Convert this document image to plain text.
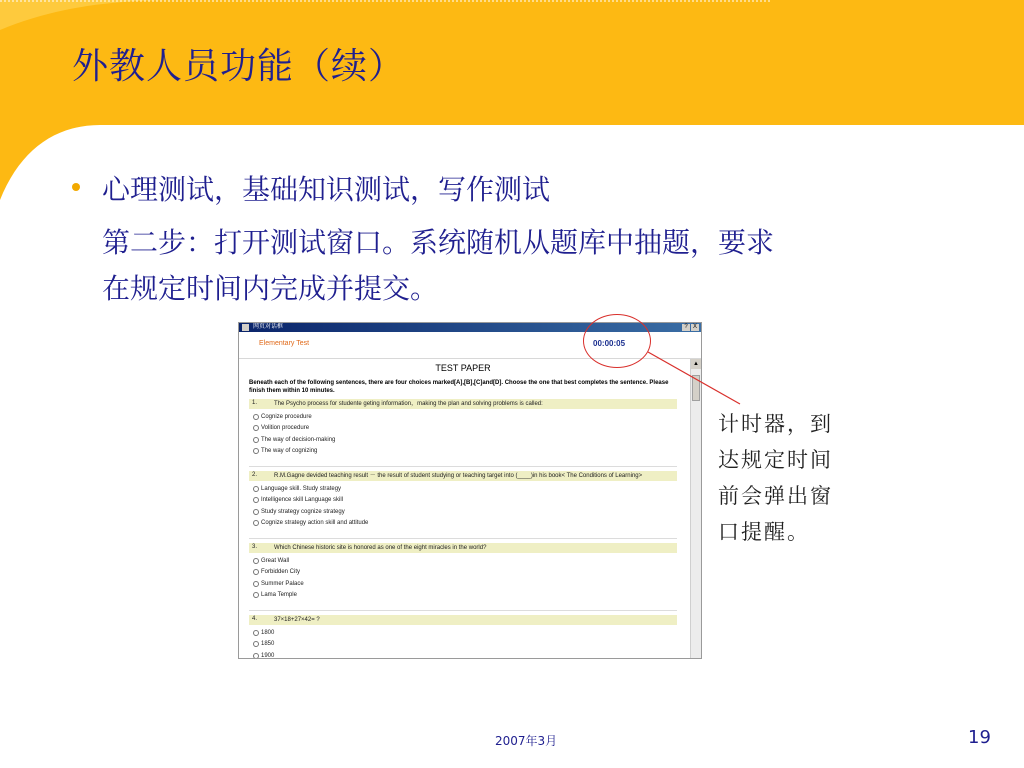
外教人员功能（续）
心理测试，基础知识测试，写作测试
第二步：打开测试窗口。系统随机从题库中抽题，要求
在规定时间内完成并提交。
网页对话框	? X
Elementary Test	00:00:05
TEST PAPER
Beneath each of the following sentences, there are four choices marked[A],[B],[C]and[D]. Choose the one that best completes the sentence. Please finish them within 10 minutes.
1.	The Psycho process for studente geting information，making the plan and solving problems is called:
Cognize procedure
Volition procedure
The way of decision-making
The way of cognizing
2.	R.M.Gagne devided teaching result － the result of student studying or teaching target into (____)in his book< The Conditions of Learning>
Language skill. Study strategy
Intelligence skill Language skill
Study strategy cognize strategy
Cognize strategy action skill and attitude
3.	Which Chinese historic site is honored as one of the eight miracles in the world?
Great Wall
Forbidden City
Summer Palace
Lama Temple
4.	37×18+27×42= ?
1800
1850
1900
▲
计时器，到
达规定时间
前会弹出窗
口提醒。
2007年3月	19
